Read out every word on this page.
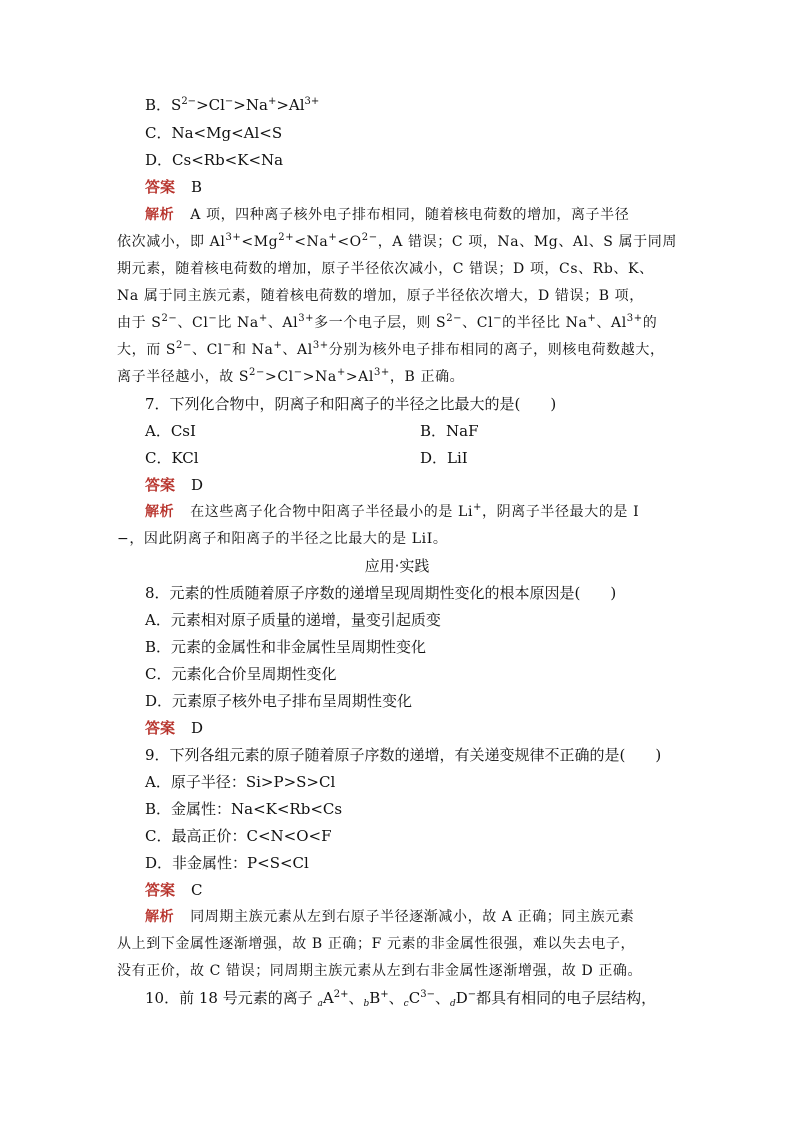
B．$S^{2-}>Cl^->Na^+>Al^{3+}$
C．Na<Mg<Al<S
D．Cs<Rb<K<Na
答案 B
解析 A 项，四种离子核外电子排布相同，随着核电荷数的增加，离子半径
依次减小，即 $Al^{3+}<Mg^{2+}<Na^+<O^{2-}$，A 错误；C 项，Na、Mg、Al、S 属于同周
期元素，随着核电荷数的增加，原子半径依次减小，C 错误；D 项，Cs、Rb、K、
Na 属于同主族元素，随着核电荷数的增加，原子半径依次增大，D 错误；B 项，
由于 $S^{2-}$、Cl−比 Na+、$Al^{3+}$多一个电子层，则 $S^{2-}$、Cl−的半径比 Na+、$Al^{3+}$的
大，而 $S^{2-}$、Cl−和 Na+、$Al^{3+}$分别为核外电子排布相同的离子，则核电荷数越大，
离子半径越小，故 $S^{2-}>Cl^->Na^+>Al^{3+}$，B 正确。
7．下列化合物中，阴离子和阳离子的半径之比最大的是(　　)
A．CsI	B．NaF
C．KCl	D．LiI
答案 D
解析 在这些离子化合物中阳离子半径最小的是 Li+，阴离子半径最大的是 I
−，因此阴离子和阳离子的半径之比最大的是 LiI。
应用·实践
8．元素的性质随着原子序数的递增呈现周期性变化的根本原因是(　　)
A．元素相对原子质量的递增，量变引起质变
B．元素的金属性和非金属性呈周期性变化
C．元素化合价呈周期性变化
D．元素原子核外电子排布呈周期性变化
答案 D
9．下列各组元素的原子随着原子序数的递增，有关递变规律不正确的是(　　)
A．原子半径：Si>P>S>Cl
B．金属性：Na<K<Rb<Cs
C．最高正价：C<N<O<F
D．非金属性：P<S<Cl
答案 C
解析 同周期主族元素从左到右原子半径逐渐减小，故 A 正确；同主族元素
从上到下金属性逐渐增强，故 B 正确；F 元素的非金属性很强，难以失去电子，
没有正价，故 C 错误；同周期主族元素从左到右非金属性逐渐增强，故 D 正确。
10．前 18 号元素的离子 $_aA^{2+}$、$_b$B+、$_cC^{3-}$、$_d$D−都具有相同的电子层结构，
